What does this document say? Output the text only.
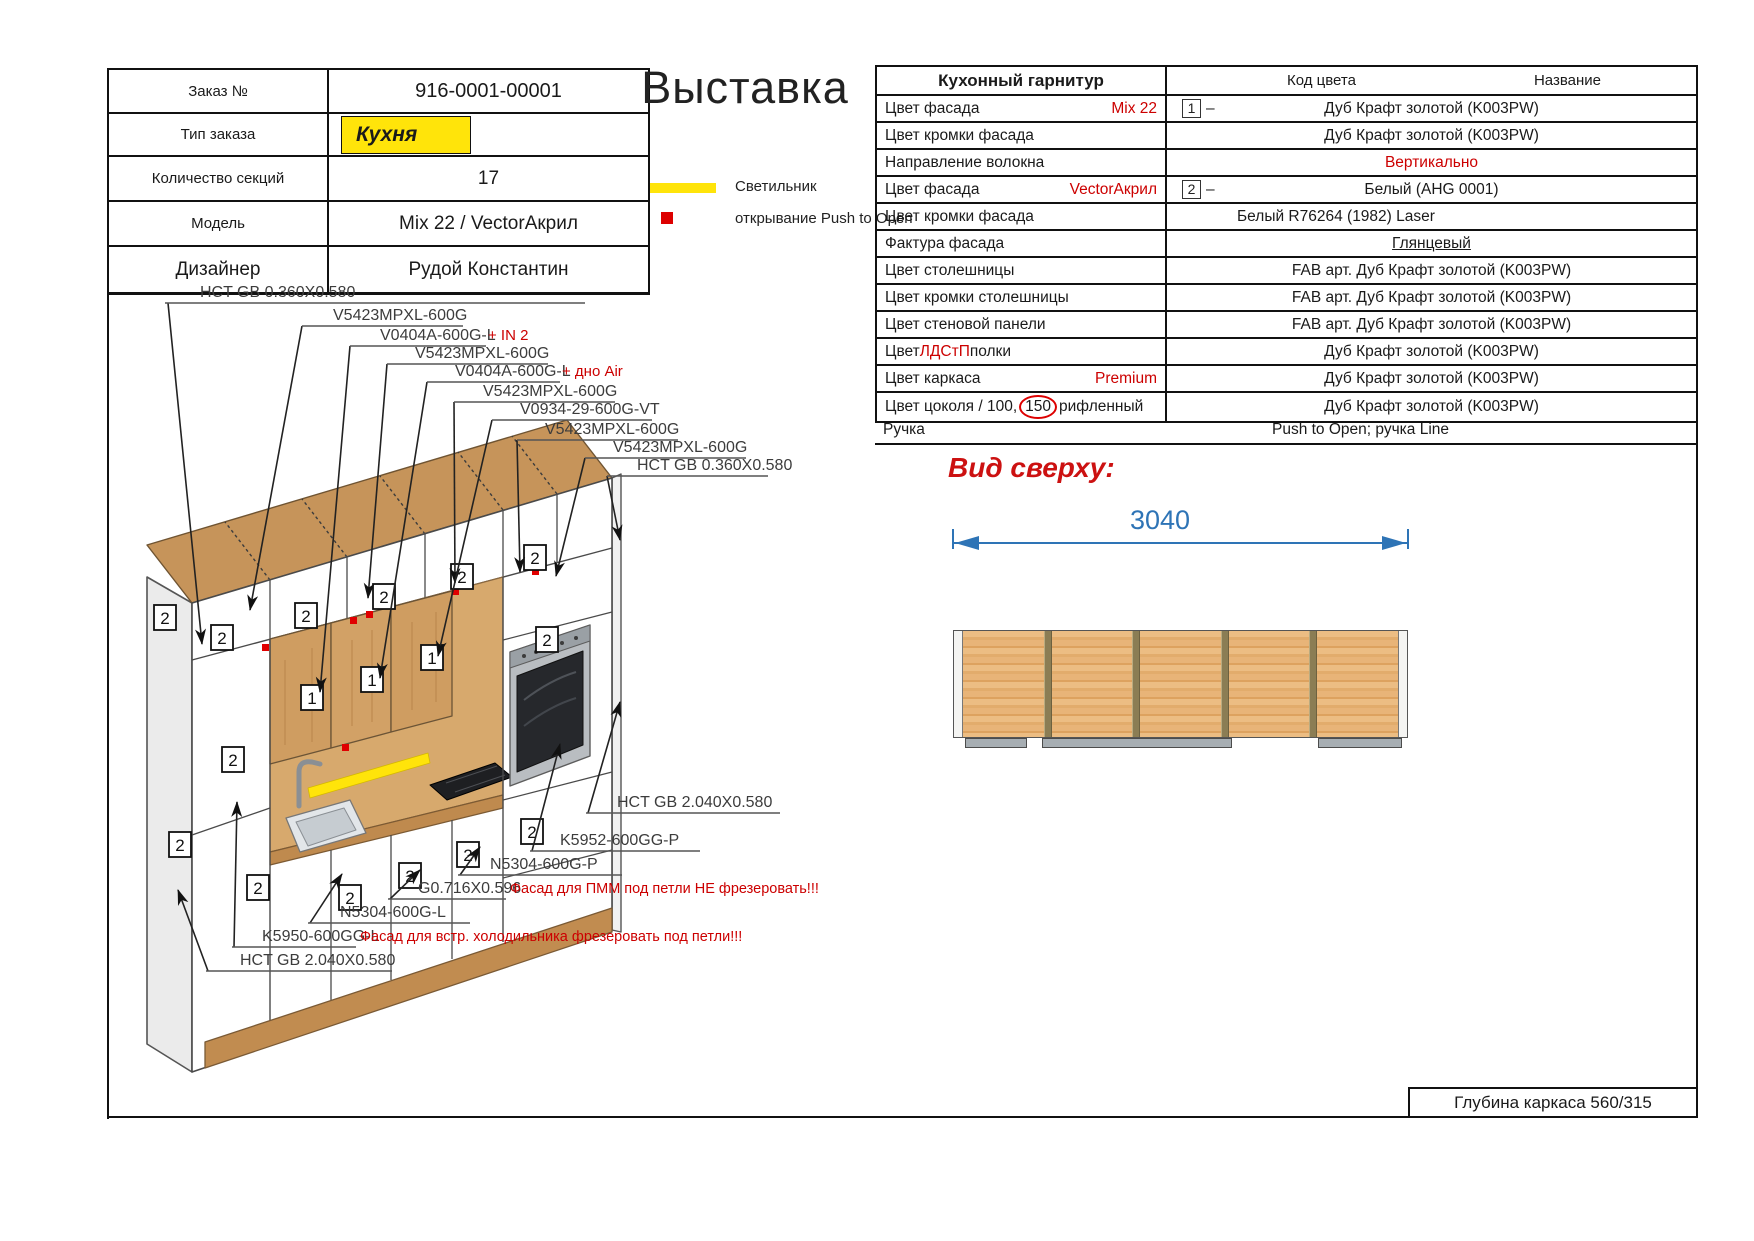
Заказ №	916-0001-00001
Тип заказа	Кухня
Количество секций	17
Модель	Mix 22 / VectorАкрил
Дизайнер	Рудой Константин
Выставка
Светильник
открывание Push to Open
Кухонный гарнитур	Код цвета	Название
Цвет фасада	Mix 22	1 –	Дуб Крафт золотой (K003PW)
Цвет кромки фасада	Дуб Крафт золотой (K003PW)
Направление волокна	Вертикально
Цвет фасада	VectorАкрил	2 –	Белый (AHG 0001)
Цвет кромки фасада	Белый R76264 (1982) Laser
Фактура фасада	Глянцевый
Цвет столешницы	FAB арт. Дуб Крафт золотой (K003PW)
Цвет кромки столешницы	FAB арт. Дуб Крафт золотой (K003PW)
Цвет стеновой панели	FAB арт. Дуб Крафт золотой (K003PW)
Цвет ЛДСтП полки	Дуб Крафт золотой (K003PW)
Цвет каркаса	Premium	Дуб Крафт золотой (K003PW)
Цвет цоколя / 100, 150 рифленный	Дуб Крафт золотой (K003PW)
Ручка	Push to Open; ручка Line
Вид сверху:
3040
Глубина каркаса 560/315
2
2
2
2
2
2
2
2
2
2
2
2
2
2
1
1
1
HCT GB 0.360X0.580
V5423MPXL-600G
V0404A-600G-L
+ IN 2
V5423MPXL-600G
V0404A-600G-L
+ дно Air
V5423MPXL-600G
V0934-29-600G-VT
V5423MPXL-600G
V5423MPXL-600G
HCT GB 0.360X0.580
HCT GB 2.040X0.580
K5952-600GG-P
N5304-600G-P
G0.716X0.596
Фасад для ПММ под петли НЕ фрезеровать!!!
N5304-600G-L
K5950-600GG-L
Фасад для встр. холодильника фрезеровать под петли!!!
HCT GB 2.040X0.580
